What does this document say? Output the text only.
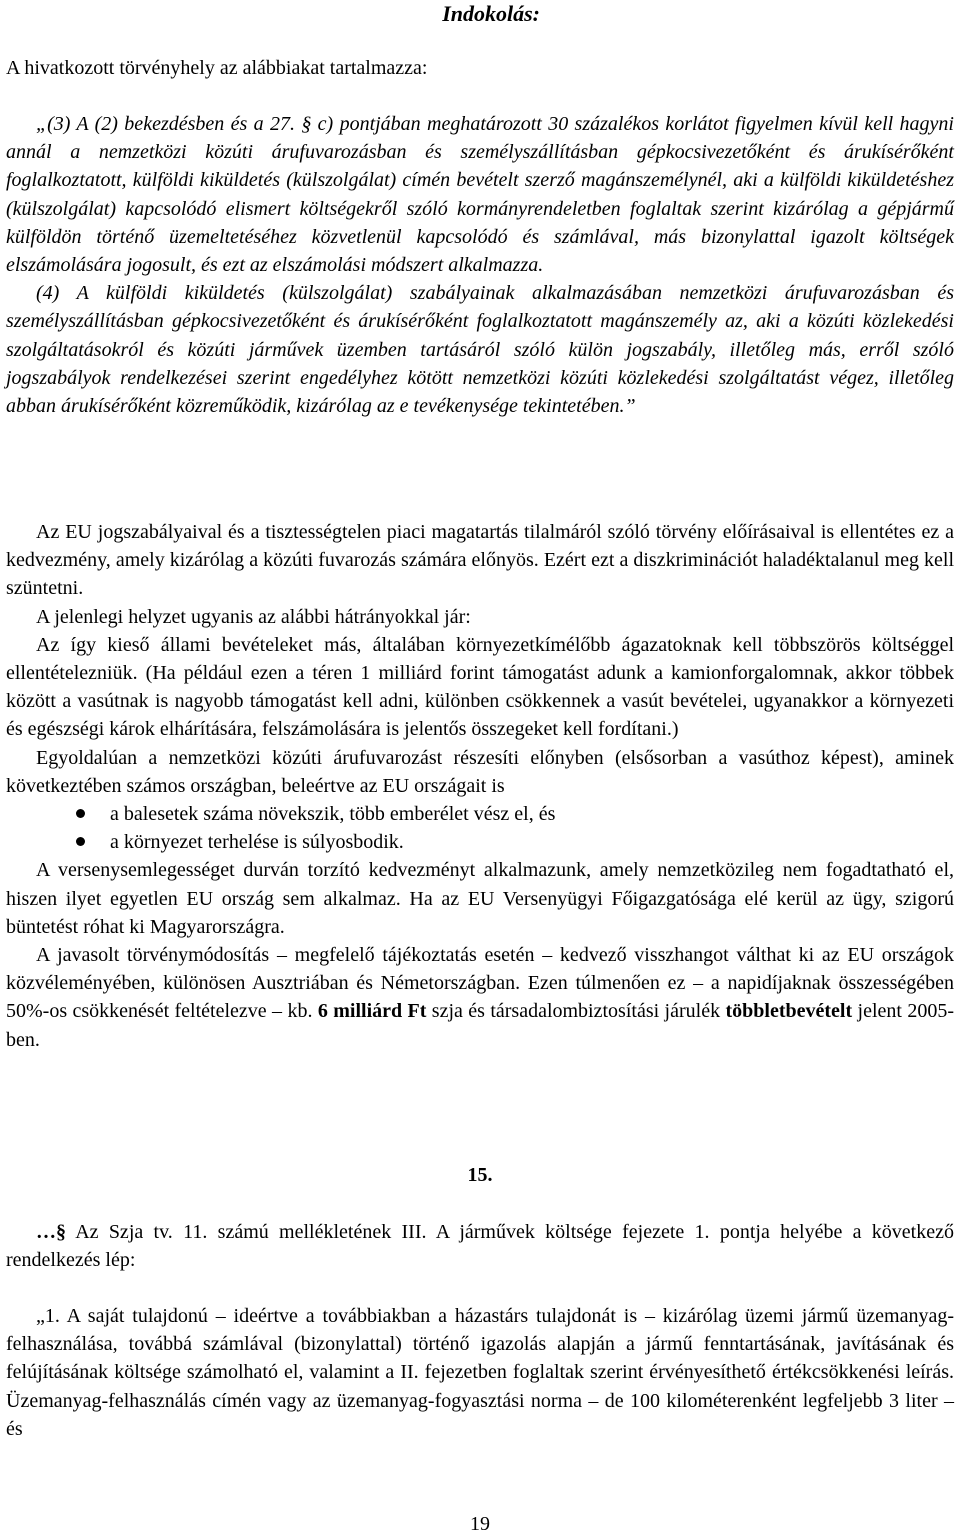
Indokolás:

A hivatkozott törvényhely az alábbiakat tartalmazza:

„(3) A (2) bekezdésben és a 27. § c) pontjában meghatározott 30 százalékos korlátot figyelmen kívül kell hagyni annál a nemzetközi közúti árufuvarozásban és személyszállításban gépkocsivezetőként és árukísérőként foglalkoztatott, külföldi kiküldetés (külszolgálat) címén bevételt szerző magánszemélynél, aki a külföldi kiküldetéshez (külszolgálat) kapcsolódó elismert költségekről szóló kormányrendeletben foglaltak szerint kizárólag a gépjármű külföldön történő üzemeltetéséhez közvetlenül kapcsolódó és számlával, más bizonylattal igazolt költségek elszámolására jogosult, és ezt az elszámolási módszert alkalmazza.

(4) A külföldi kiküldetés (külszolgálat) szabályainak alkalmazásában nemzetközi árufuvarozásban és személyszállításban gépkocsivezetőként és árukísérőként foglalkoztatott magánszemély az, aki a közúti közlekedési szolgáltatásokról és közúti járművek üzemben tartásáról szóló külön jogszabály, illetőleg más, erről szóló jogszabályok rendelkezései szerint engedélyhez kötött nemzetközi közúti közlekedési szolgáltatást végez, illetőleg abban árukísérőként közreműködik, kizárólag az e tevékenysége tekintetében.”

Az EU jogszabályaival és a tisztességtelen piaci magatartás tilalmáról szóló törvény előírásaival is ellentétes ez a kedvezmény, amely kizárólag a közúti fuvarozás számára előnyös. Ezért ezt a diszkriminációt haladéktalanul meg kell szüntetni.

A jelenlegi helyzet ugyanis az alábbi hátrányokkal jár:

Az így kieső állami bevételeket más, általában környezetkímélőbb ágazatoknak kell többszörös költséggel ellentételezniük. (Ha például ezen a téren 1 milliárd forint támogatást adunk a kamionforgalomnak, akkor többek között a vasútnak is nagyobb támogatást kell adni, különben csökkennek a vasút bevételei, ugyanakkor a környezeti és egészségi károk elhárítására, felszámolására is jelentős összegeket kell fordítani.)

Egyoldalúan a nemzetközi közúti árufuvarozást részesíti előnyben (elsősorban a vasúthoz képest), aminek következtében számos országban, beleértve az EU országait is

a balesetek száma növekszik, több emberélet vész el, és
a környezet terhelése is súlyosbodik.

A versenysemlegességet durván torzító kedvezményt alkalmazunk, amely nemzetközileg nem fogadtatható el, hiszen ilyet egyetlen EU ország sem alkalmaz. Ha az EU Versenyügyi Főigazgatósága elé kerül az ügy, szigorú büntetést róhat ki Magyarországra.

A javasolt törvénymódosítás – megfelelő tájékoztatás esetén – kedvező visszhangot válthat ki az EU országok közvéleményében, különösen Ausztriában és Németországban. Ezen túlmenően ez – a napidíjaknak összességében 50%-os csökkenését feltételezve – kb. 6 milliárd Ft szja és társadalombiztosítási járulék többletbevételt jelent 2005-ben.

15.

…§ Az Szja tv. 11. számú mellékletének III. A járművek költsége fejezete 1. pontja helyébe a következő rendelkezés lép:

„1. A saját tulajdonú – ideértve a továbbiakban a házastárs tulajdonát is – kizárólag üzemi jármű üzemanyag-felhasználása, továbbá számlával (bizonylattal) történő igazolás alapján a jármű fenntartásának, javításának és felújításának költsége számolható el, valamint a II. fejezetben foglaltak szerint érvényesíthető értékcsökkenési leírás. Üzemanyag-felhasználás címén vagy az üzemanyag-fogyasztási norma – de 100 kilométerenként legfeljebb 3 liter – és

19
